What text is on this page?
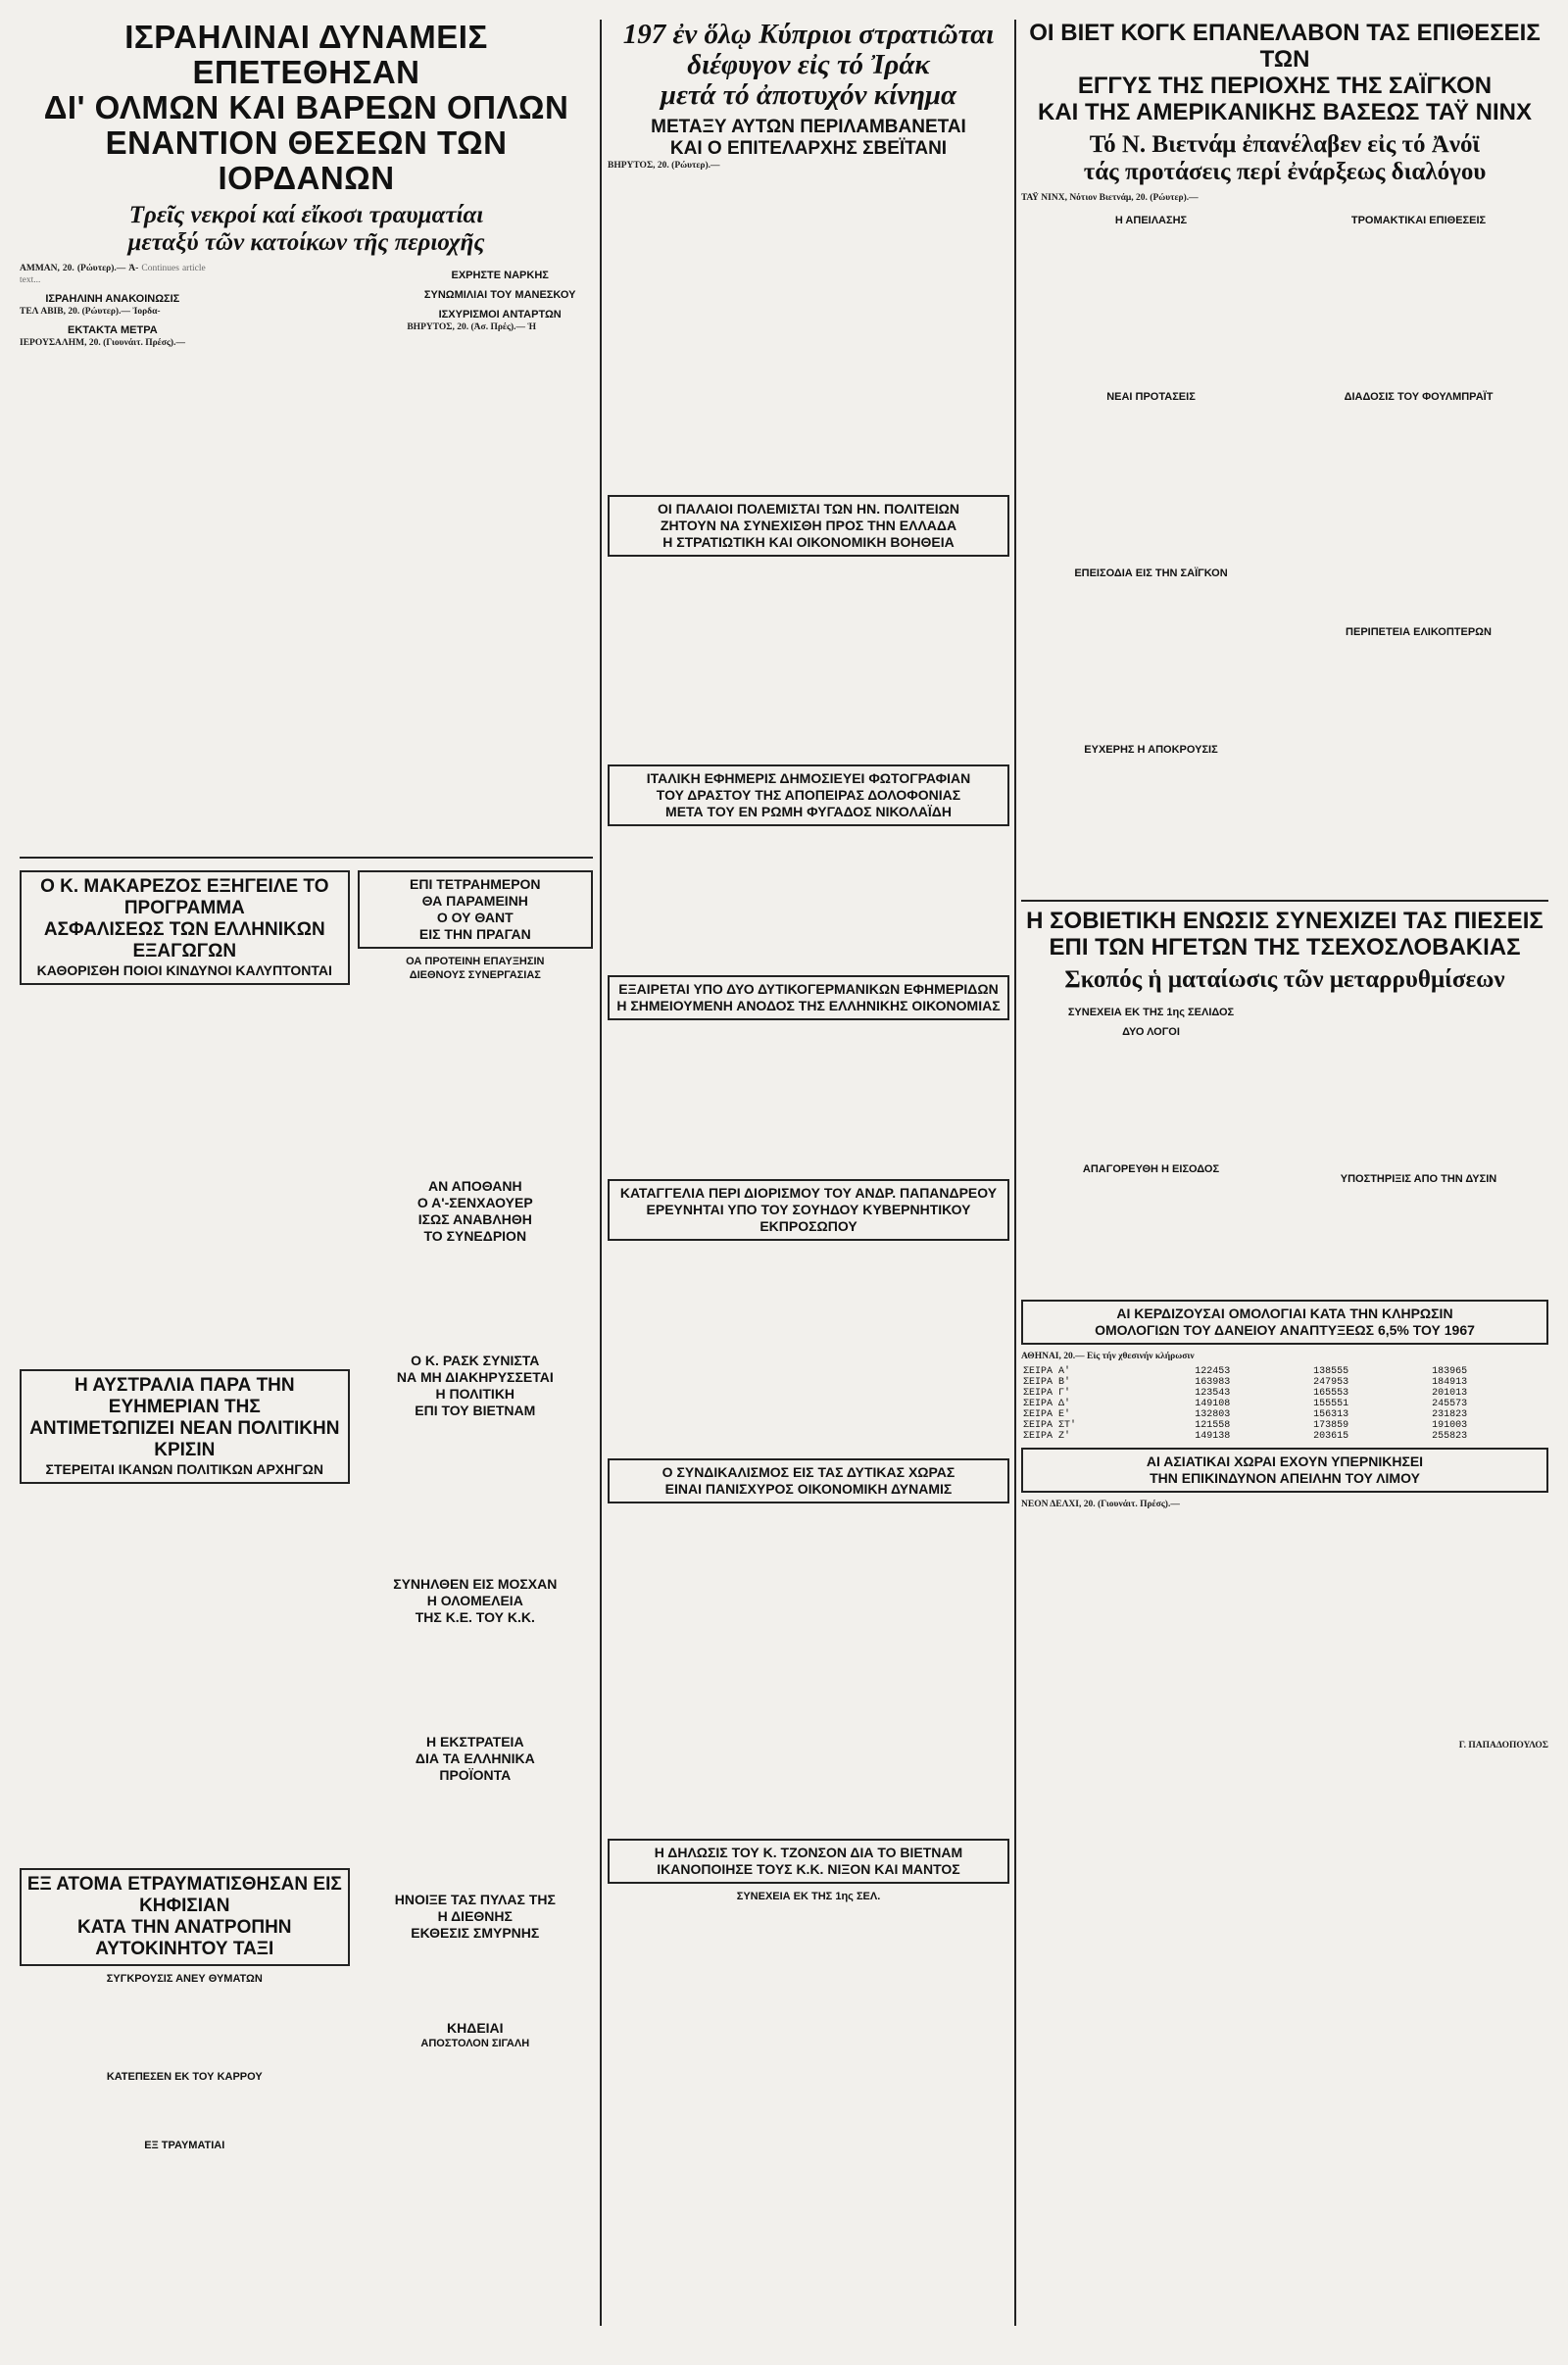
ΙΣΡΑΗΛΙΝΑΙ ΔΥΝΑΜΕΙΣ ΕΠΕΤΕΘΗΣΑΝ
ΔΙ' ΟΛΜΩΝ ΚΑΙ ΒΑΡΕΩΝ ΟΠΛΩΝ
ΕΝΑΝΤΙΟΝ ΘΕΣΕΩΝ ΤΩΝ ΙΟΡΔΑΝΩΝ
Τρεῖς νεκροί καί εἴκοσι τραυματίαι
μεταξύ τῶν κατοίκων τῆς περιοχῆς

ΑΜΜΑΝ, 20. (Ρώυτερ).— Ἀ- Continues article text...

ΙΣΡΑΗΛΙΝΗ ΑΝΑΚΟΙΝΩΣΙΣ

ΤΕΛ ΑΒΙΒ, 20. (Ρώυτερ).— Ἰορδα-

ΕΚΤΑΚΤΑ ΜΕΤΡΑ

ΙΕΡΟΥΣΑΛΗΜ, 20. (Γιουνάιτ. Πρέσς).—

ΕΧΡΗΣΤΕ ΝΑΡΚΗΣ
ΣΥΝΩΜΙΛΙΑΙ ΤΟΥ ΜΑΝΕΣΚΟΥ
ΙΣΧΥΡΙΣΜΟΙ ΑΝΤΑΡΤΩΝ

ΒΗΡΥΤΟΣ, 20. (Ἀσ. Πρές).— Ἡ

Ο Κ. ΜΑΚΑΡΕΖΟΣ ΕΞΗΓΕΙΛΕ ΤΟ ΠΡΟΓΡΑΜΜΑ
ΑΣΦΑΛΙΣΕΩΣ ΤΩΝ ΕΛΛΗΝΙΚΩΝ ΕΞΑΓΩΓΩΝ
ΚΑΘΟΡΙΣΘΗ ΠΟΙΟΙ ΚΙΝΔΥΝΟΙ ΚΑΛΥΠΤΟΝΤΑΙ
Η ΑΥΣΤΡΑΛΙΑ ΠΑΡΑ ΤΗΝ ΕΥΗΜΕΡΙΑΝ ΤΗΣ
ΑΝΤΙΜΕΤΩΠΙΖΕΙ ΝΕΑΝ ΠΟΛΙΤΙΚΗΝ ΚΡΙΣΙΝ
ΣΤΕΡΕΙΤΑΙ ΙΚΑΝΩΝ ΠΟΛΙΤΙΚΩΝ ΑΡΧΗΓΩΝ
ΕΞ ΑΤΟΜΑ ΕΤΡΑΥΜΑΤΙΣΘΗΣΑΝ ΕΙΣ ΚΗΦΙΣΙΑΝ
ΚΑΤΑ ΤΗΝ ΑΝΑΤΡΟΠΗΝ ΑΥΤΟΚΙΝΗΤΟΥ ΤΑΞΙ
ΣΥΓΚΡΟΥΣΙΣ ΑΝΕΥ ΘΥΜΑΤΩΝ
ΚΑΤΕΠΕΣΕΝ ΕΚ ΤΟΥ ΚΑΡΡΟΥ
ΕΞ ΤΡΑΥΜΑΤΙΑΙ
ΕΠΙ ΤΕΤΡΑΗΜΕΡΟΝ
ΘΑ ΠΑΡΑΜΕΙΝΗ
Ο ΟΥ ΘΑΝΤ
ΕΙΣ ΤΗΝ ΠΡΑΓΑΝ
ΟΑ ΠΡΟΤΕΙΝΗ ΕΠΑΥΞΗΣΙΝ
ΔΙΕΘΝΟΥΣ ΣΥΝΕΡΓΑΣΙΑΣ
ΑΝ ΑΠΟΘΑΝΗ
Ο Α'-ΣΕΝΧΑΟΥΕΡ
ΙΣΩΣ ΑΝΑΒΛΗΘΗ
ΤΟ ΣΥΝΕΔΡΙΟΝ
Ο Κ. ΡΑΣΚ ΣΥΝΙΣΤΑ
ΝΑ ΜΗ ΔΙΑΚΗΡΥΣΣΕΤΑΙ
Η ΠΟΛΙΤΙΚΗ
ΕΠΙ ΤΟΥ ΒΙΕΤΝΑΜ
ΣΥΝΗΛΘΕΝ ΕΙΣ ΜΟΣΧΑΝ
Η ΟΛΟΜΕΛΕΙΑ
ΤΗΣ Κ.Ε. ΤΟΥ Κ.Κ.
Η ΕΚΣΤΡΑΤΕΙΑ
ΔΙΑ ΤΑ ΕΛΛΗΝΙΚΑ
ΠΡΟΪΟΝΤΑ
ΗΝΟΙΞΕ ΤΑΣ ΠΥΛΑΣ ΤΗΣ
Η ΔΙΕΘΝΗΣ
ΕΚΘΕΣΙΣ ΣΜΥΡΝΗΣ
ΚΗΔΕΙΑΙ
ΑΠΟΣΤΟΛΟΝ ΣΙΓΑΛΗ
197 ἐν ὅλῳ Κύπριοι στρατιῶται
διέφυγον εἰς τό Ἰράκ
μετά τό ἀποτυχόν κίνημα
ΜΕΤΑΞΥ ΑΥΤΩΝ ΠΕΡΙΛΑΜΒΑΝΕΤΑΙ
ΚΑΙ Ο ΕΠΙΤΕΛΑΡΧΗΣ ΣΒΕΪΤΑΝΙ

ΒΗΡΥΤΟΣ, 20. (Ρώυτερ).—

ΟΙ ΠΑΛΑΙΟΙ ΠΟΛΕΜΙΣΤΑΙ ΤΩΝ ΗΝ. ΠΟΛΙΤΕΙΩΝ
ΖΗΤΟΥΝ ΝΑ ΣΥΝΕΧΙΣΘΗ ΠΡΟΣ ΤΗΝ ΕΛΛΑΔΑ
Η ΣΤΡΑΤΙΩΤΙΚΗ ΚΑΙ ΟΙΚΟΝΟΜΙΚΗ ΒΟΗΘΕΙΑ
ΙΤΑΛΙΚΗ ΕΦΗΜΕΡΙΣ ΔΗΜΟΣΙΕΥΕΙ ΦΩΤΟΓΡΑΦΙΑΝ
ΤΟΥ ΔΡΑΣΤΟΥ ΤΗΣ ΑΠΟΠΕΙΡΑΣ ΔΟΛΟΦΟΝΙΑΣ
ΜΕΤΑ ΤΟΥ ΕΝ ΡΩΜΗ ΦΥΓΑΔΟΣ ΝΙΚΟΛΑΪΔΗ
ΕΞΑΙΡΕΤΑΙ ΥΠΟ ΔΥΟ ΔΥΤΙΚΟΓΕΡΜΑΝΙΚΩΝ ΕΦΗΜΕΡΙΔΩΝ
Η ΣΗΜΕΙΟΥΜΕΝΗ ΑΝΟΔΟΣ ΤΗΣ ΕΛΛΗΝΙΚΗΣ ΟΙΚΟΝΟΜΙΑΣ
ΚΑΤΑΓΓΕΛΙΑ ΠΕΡΙ ΔΙΟΡΙΣΜΟΥ ΤΟΥ ΑΝΔΡ. ΠΑΠΑΝΔΡΕΟΥ
ΕΡΕΥΝΗΤΑΙ ΥΠΟ ΤΟΥ ΣΟΥΗΔΟΥ ΚΥΒΕΡΝΗΤΙΚΟΥ ΕΚΠΡΟΣΩΠΟΥ
Ο ΣΥΝΔΙΚΑΛΙΣΜΟΣ ΕΙΣ ΤΑΣ ΔΥΤΙΚΑΣ ΧΩΡΑΣ
ΕΙΝΑΙ ΠΑΝΙΣΧΥΡΟΣ ΟΙΚΟΝΟΜΙΚΗ ΔΥΝΑΜΙΣ
Η ΔΗΛΩΣΙΣ ΤΟΥ Κ. ΤΖΟΝΣΟΝ ΔΙΑ ΤΟ ΒΙΕΤΝΑΜ
ΙΚΑΝΟΠΟΙΗΣΕ ΤΟΥΣ Κ.Κ. ΝΙΞΟΝ ΚΑΙ ΜΑΝΤΟΣ
ΣΥΝΕΧΕΙΑ ΕΚ ΤΗΣ 1ης ΣΕΛ.
ΟΙ ΒΙΕΤ ΚΟΓΚ ΕΠΑΝΕΛΑΒΟΝ ΤΑΣ ΕΠΙΘΕΣΕΙΣ ΤΩΝ
ΕΓΓΥΣ ΤΗΣ ΠΕΡΙΟΧΗΣ ΤΗΣ ΣΑΪΓΚΟΝ
ΚΑΙ ΤΗΣ ΑΜΕΡΙΚΑΝΙΚΗΣ ΒΑΣΕΩΣ ΤΑΫ ΝΙΝΧ
Τό Ν. Βιετνάμ ἐπανέλαβεν εἰς τό Ἀνόϊ
τάς προτάσεις περί ἐνάρξεως διαλόγου

ΤΑΫ ΝΙΝΧ, Νότιον Βιετνάμ, 20. (Ρώυτερ).—

Η ΑΠΕΙΛΑΣΗΣ
ΝΕΑΙ ΠΡΟΤΑΣΕΙΣ
ΕΠΕΙΣΟΔΙΑ ΕΙΣ ΤΗΝ ΣΑΪΓΚΟΝ
ΕΥΧΕΡΗΣ Η ΑΠΟΚΡΟΥΣΙΣ
ΤΡΟΜΑΚΤΙΚΑΙ ΕΠΙΘΕΣΕΙΣ
ΔΙΑΔΟΣΙΣ ΤΟΥ ΦΟΥΛΜΠΡΑΪΤ
ΠΕΡΙΠΕΤΕΙΑ ΕΛΙΚΟΠΤΕΡΩΝ
Η ΣΟΒΙΕΤΙΚΗ ΕΝΩΣΙΣ ΣΥΝΕΧΙΖΕΙ ΤΑΣ ΠΙΕΣΕΙΣ
ΕΠΙ ΤΩΝ ΗΓΕΤΩΝ ΤΗΣ ΤΣΕΧΟΣΛΟΒΑΚΙΑΣ
Σκοπός ἡ ματαίωσις τῶν μεταρρυθμίσεων
ΣΥΝΕΧΕΙΑ ΕΚ ΤΗΣ 1ης ΣΕΛΙΔΟΣ
ΔΥΟ ΛΟΓΟΙ
ΑΠΑΓΟΡΕΥΘΗ Η ΕΙΣΟΔΟΣ
ΥΠΟΣΤΗΡΙΞΙΣ ΑΠΟ ΤΗΝ ΔΥΣΙΝ
ΑΙ ΚΕΡΔΙΖΟΥΣΑΙ ΟΜΟΛΟΓΙΑΙ ΚΑΤΑ ΤΗΝ ΚΛΗΡΩΣΙΝ
ΟΜΟΛΟΓΙΩΝ ΤΟΥ ΔΑΝΕΙΟΥ ΑΝΑΠΤΥΞΕΩΣ 6,5% ΤΟΥ 1967

ΑΘΗΝΑΙ, 20.— Εἰς τήν χθεσινήν κλήρωσιν

ΣΕΙΡΑ Α'	122453	138555	183965
ΣΕΙΡΑ Β'	163983	247953	184913
ΣΕΙΡΑ Γ'	123543	165553	201013
ΣΕΙΡΑ Δ'	149108	155551	245573
ΣΕΙΡΑ Ε'	132803	156313	231823
ΣΕΙΡΑ ΣΤ'	121558	173859	191003
ΣΕΙΡΑ Ζ'	149138	203615	255823
ΑΙ ΑΣΙΑΤΙΚΑΙ ΧΩΡΑΙ ΕΧΟΥΝ ΥΠΕΡΝΙΚΗΣΕΙ
ΤΗΝ ΕΠΙΚΙΝΔΥΝΟΝ ΑΠΕΙΛΗΝ ΤΟΥ ΛΙΜΟΥ

ΝΕΟΝ ΔΕΛΧΙ, 20. (Γιουνάιτ. Πρέσς).—

Γ. ΠΑΠΑΔΟΠΟΥΛΟΣ
